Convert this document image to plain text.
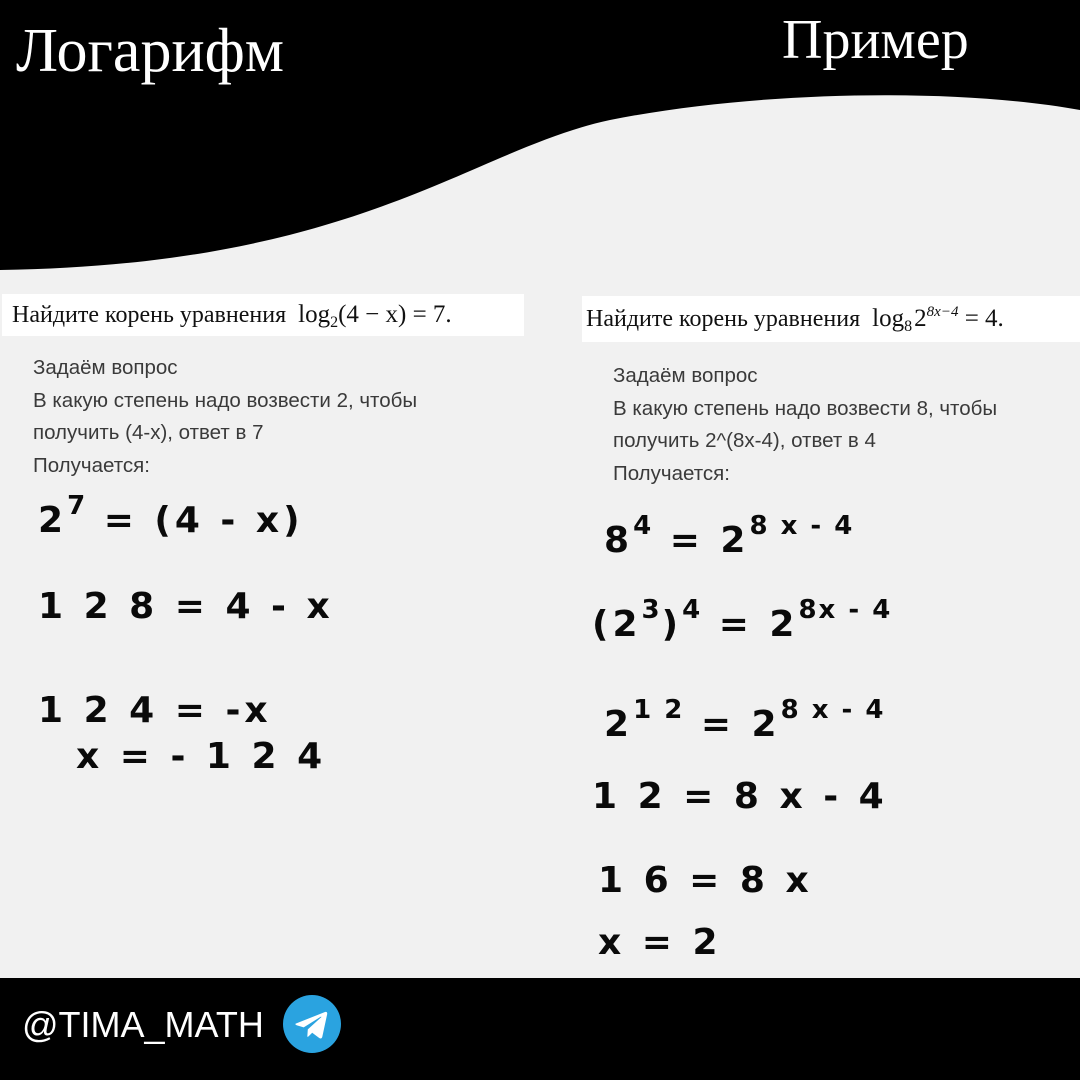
Логарифм	Пример
Найдите корень уравнения $\log_2(4 - x) = 7$.
Задаём вопрос
В какую степень надо возвести 2, чтобы
получить (4-x), ответ в 7
Получается:
$2^7 = (4 - x)$
1 2 8 = 4 - x
1 2 4 = -x
x = - 1 2 4
Найдите корень уравнения $\log_8$ $2^{8x-4} = 4$.
Задаём вопрос
В какую степень надо возвести 8, чтобы
получить 2^(8x-4), ответ в 4
Получается:
$8^4 = 2^{8 x - 4}$
$(2^3)^4 = 2^{8x - 4}$
$2^{1 2} = 2^{8 x - 4}$
1 2 = 8 x - 4
1 6 = 8 x
x = 2
@TIMA_MATH
